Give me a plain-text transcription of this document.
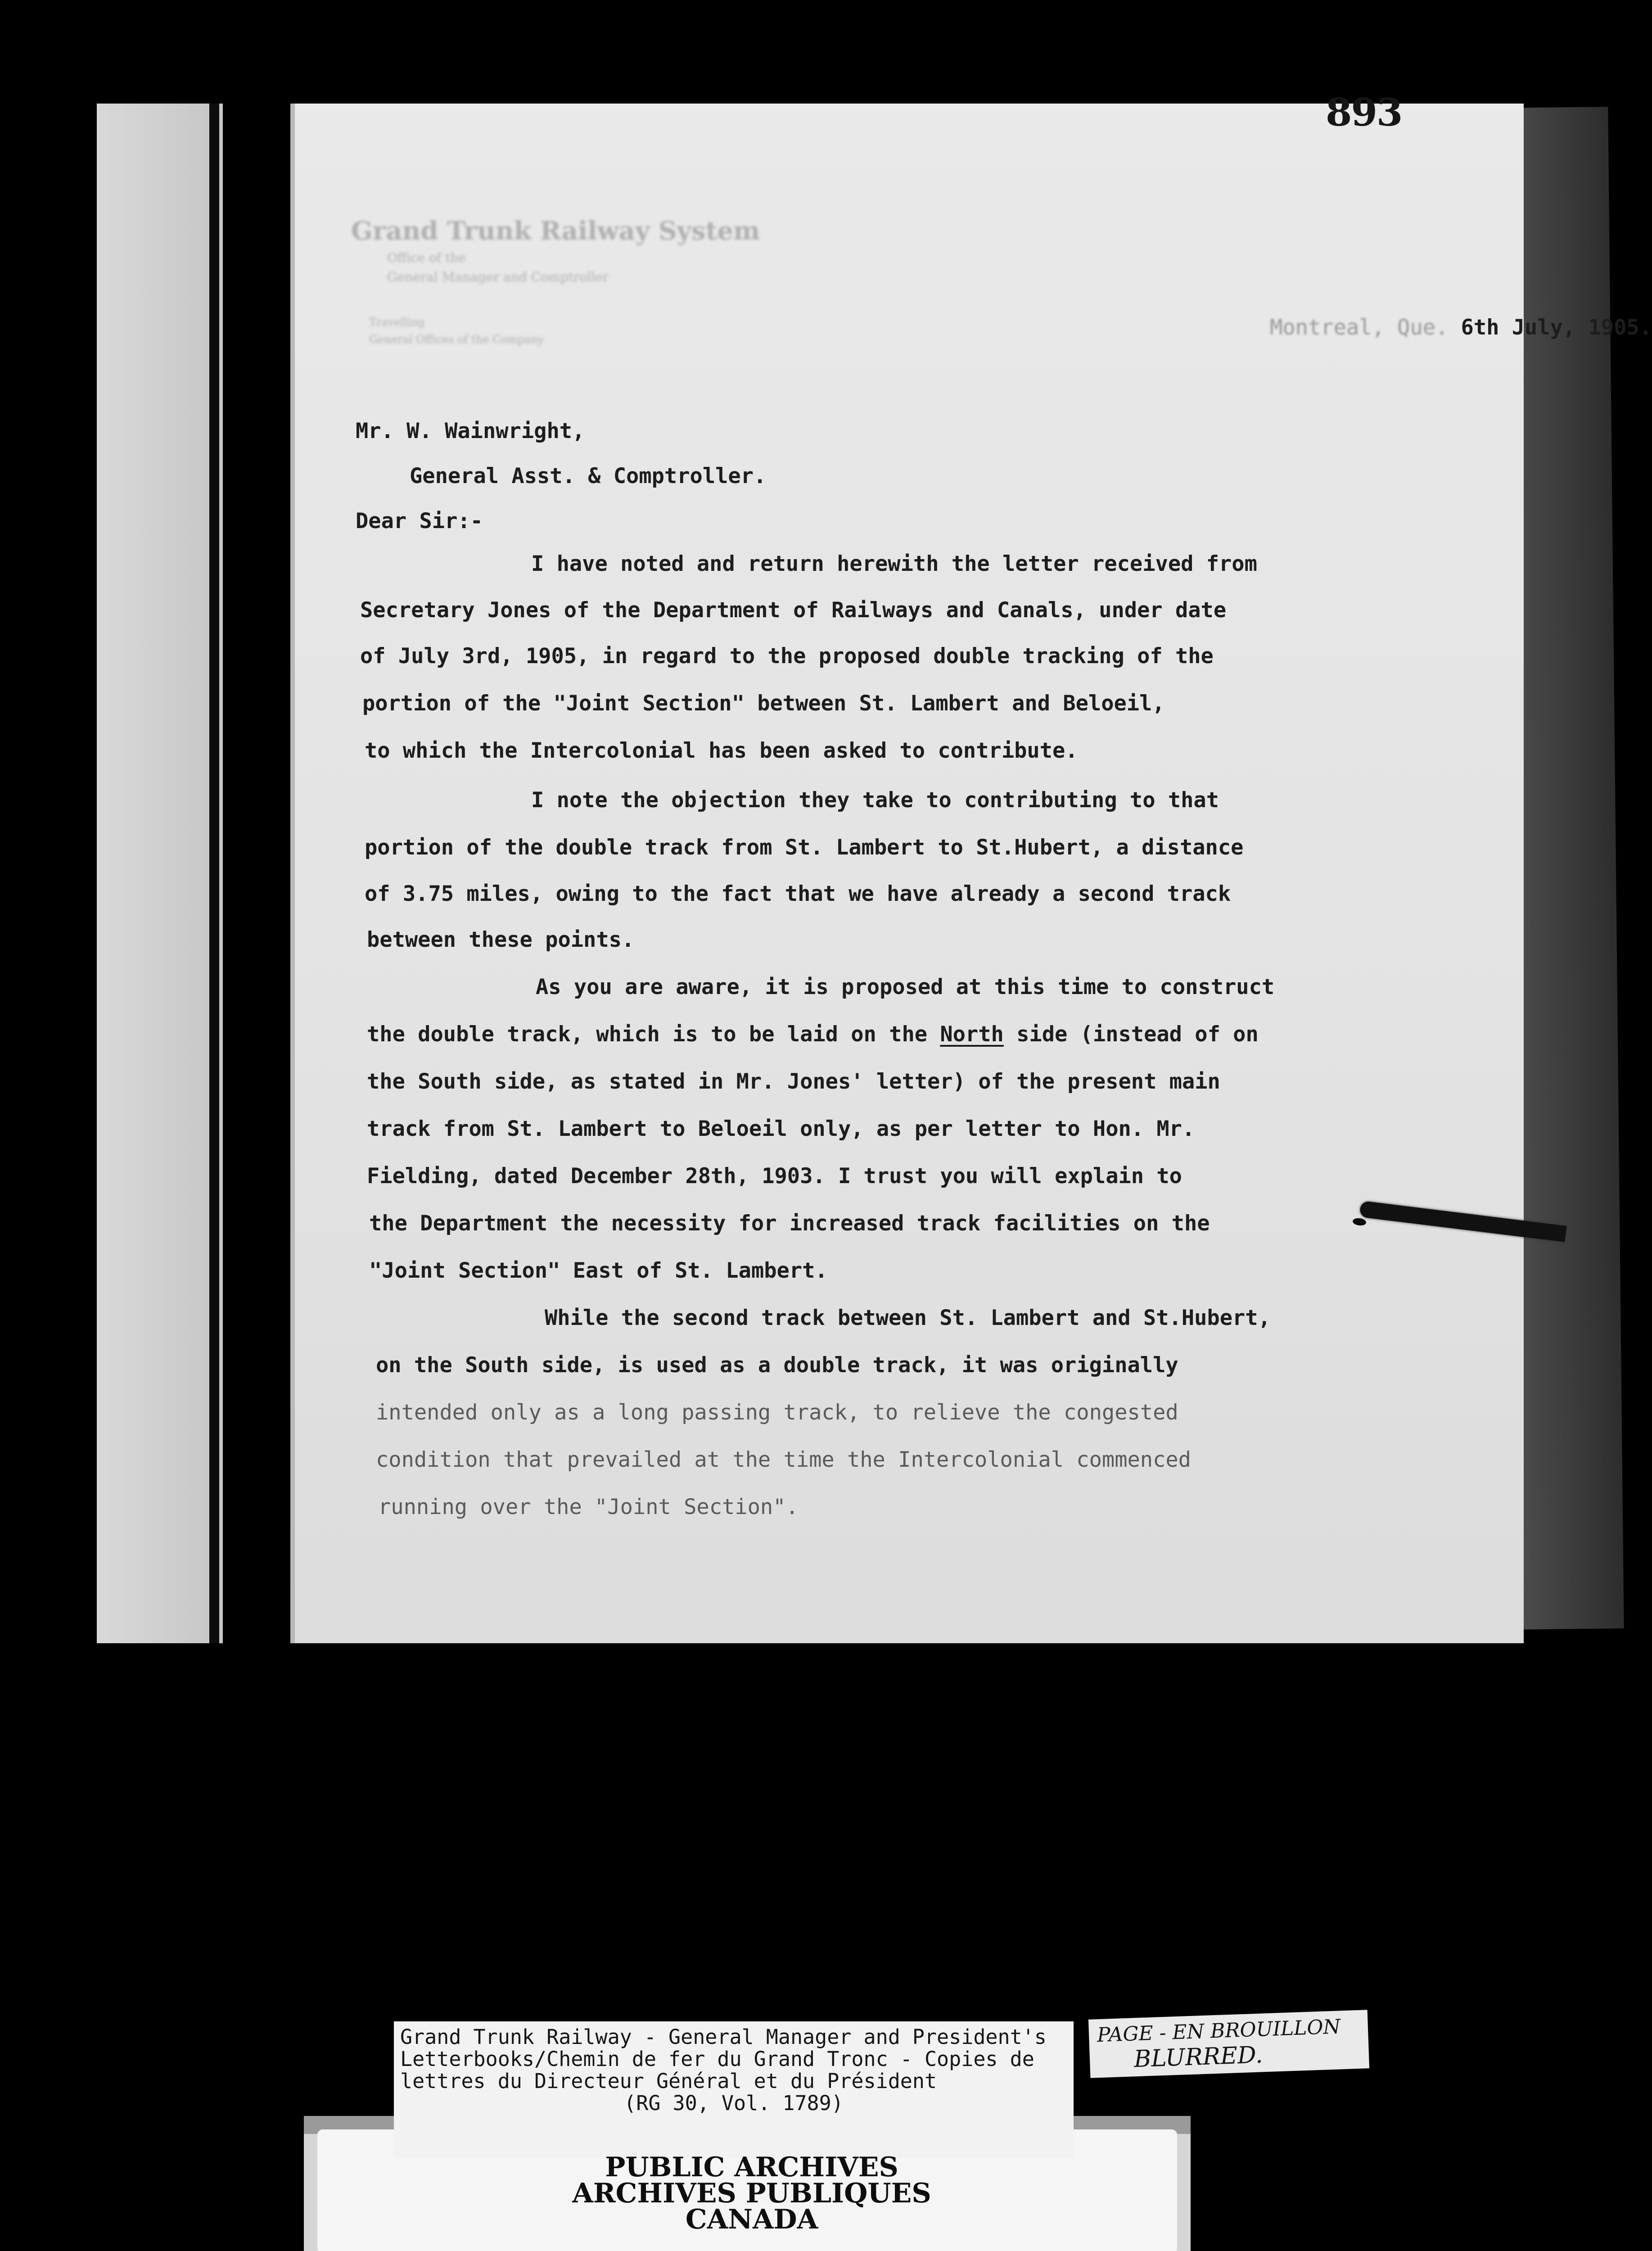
893
Grand Trunk Railway System
Office of the
General Manager and Comptroller
Travelling
General Offices of the Company	Montreal, Que. 6th July, 1905.
Mr. W. Wainwright,
General Asst. & Comptroller.
Dear Sir:-
I have noted and return herewith the letter received from
Secretary Jones of the Department of Railways and Canals, under date
of July 3rd, 1905, in regard to the proposed double tracking of the
portion of the "Joint Section" between St. Lambert and Beloeil,
to which the Intercolonial has been asked to contribute.
I note the objection they take to contributing to that
portion of the double track from St. Lambert to St.Hubert, a distance
of 3.75 miles, owing to the fact that we have already a second track
between these points.
As you are aware, it is proposed at this time to construct
the double track, which is to be laid on the North side (instead of on
the South side, as stated in Mr. Jones' letter) of the present main
track from St. Lambert to Beloeil only, as per letter to Hon. Mr.
Fielding, dated December 28th, 1903. I trust you will explain to
the Department the necessity for increased track facilities on the
"Joint Section" East of St. Lambert.
While the second track between St. Lambert and St.Hubert,
on the South side, is used as a double track, it was originally
intended only as a long passing track, to relieve the congested
condition that prevailed at the time the Intercolonial commenced
running over the "Joint Section".
Grand Trunk Railway - General Manager and President's
Letterbooks/Chemin de fer du Grand Tronc - Copies de
lettres du Directeur Général et du Président

(RG 30, Vol. 1789)
PAGE - EN BROUILLON
BLURRED.
PUBLIC ARCHIVES
ARCHIVES PUBLIQUES
CANADA
